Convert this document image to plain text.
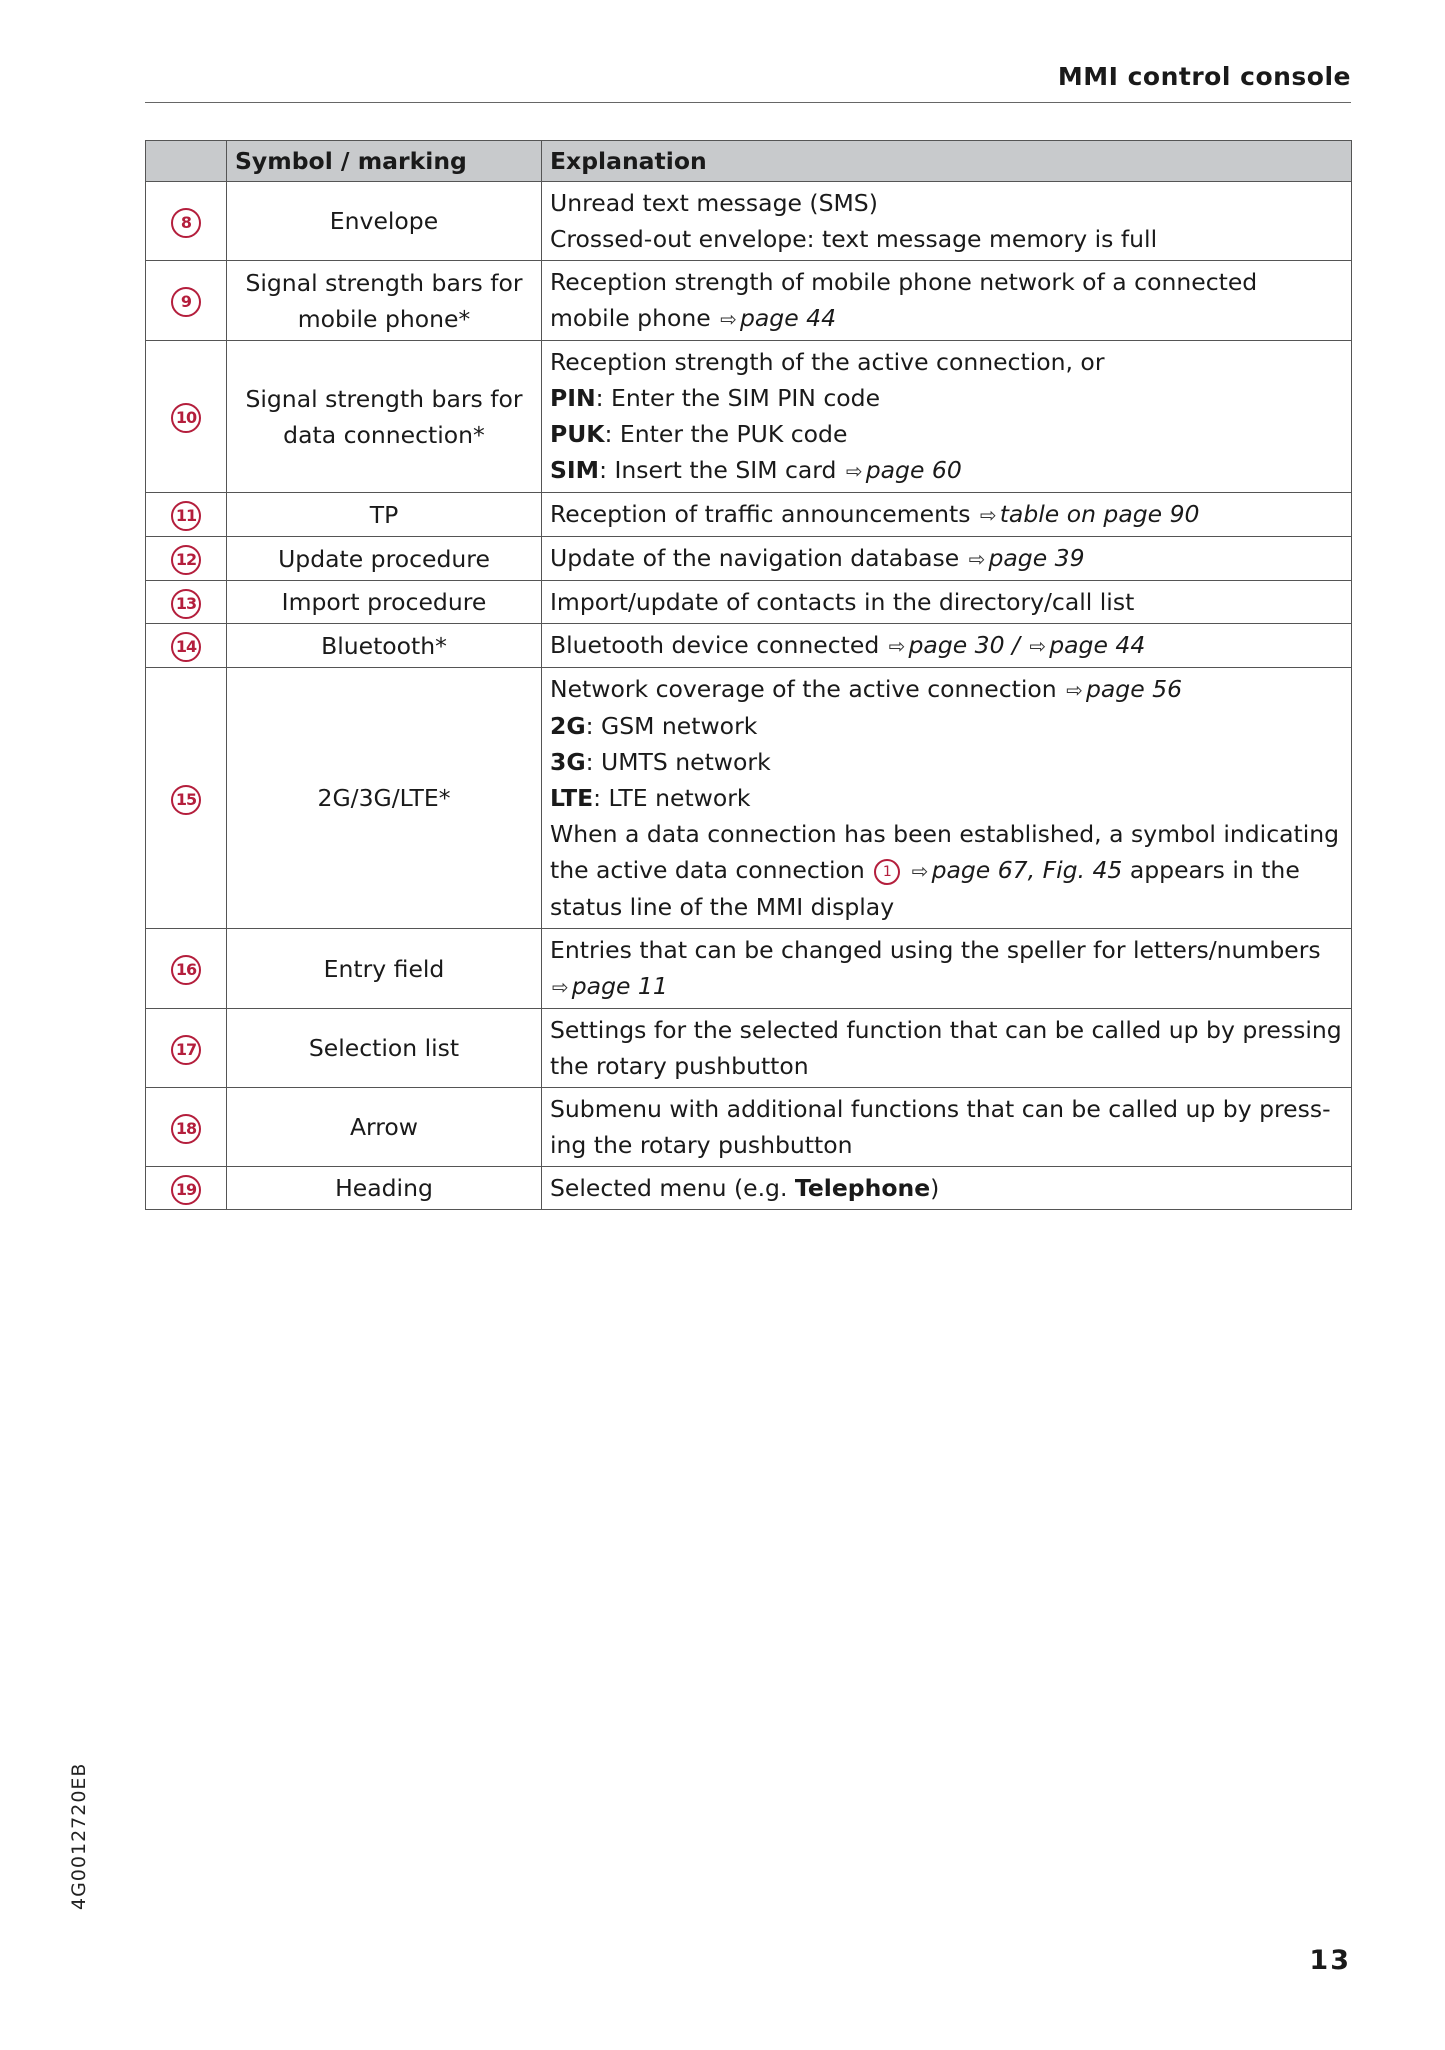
MMI control console
	Symbol / marking	Explanation
8	Envelope	Unread text message (SMS)
Crossed-out envelope: text message memory is full

9	Signal strength bars for mobile phone*	Reception strength of mobile phone network of a connected mobile phone ⇨ page 44

10	Signal strength bars for data connection*	Reception strength of the active connection, or
PIN: Enter the SIM PIN code
PUK: Enter the PUK code
SIM: Insert the SIM card ⇨ page 60

11	TP	Reception of traffic announcements ⇨ table on page 90

12	Update procedure	Update of the navigation database ⇨ page 39

13	Import procedure	Import/update of contacts in the directory/call list

14	Bluetooth*	Bluetooth device connected ⇨ page 30 / ⇨ page 44

15	2G/3G/LTE*	Network coverage of the active connection ⇨ page 56
2G: GSM network
3G: UMTS network
LTE: LTE network
When a data connection has been established, a symbol indicating the active data connection 1 ⇨ page 67, Fig. 45 appears in the status line of the MMI display

16	Entry field	Entries that can be changed using the speller for letters/numbers ⇨ page 11

17	Selection list	Settings for the selected function that can be called up by pressing the rotary pushbutton

18	Arrow	Submenu with additional functions that can be called up by press-ing the rotary pushbutton

19	Heading	Selected menu (e.g. Telephone)
4G0012720EB
13
